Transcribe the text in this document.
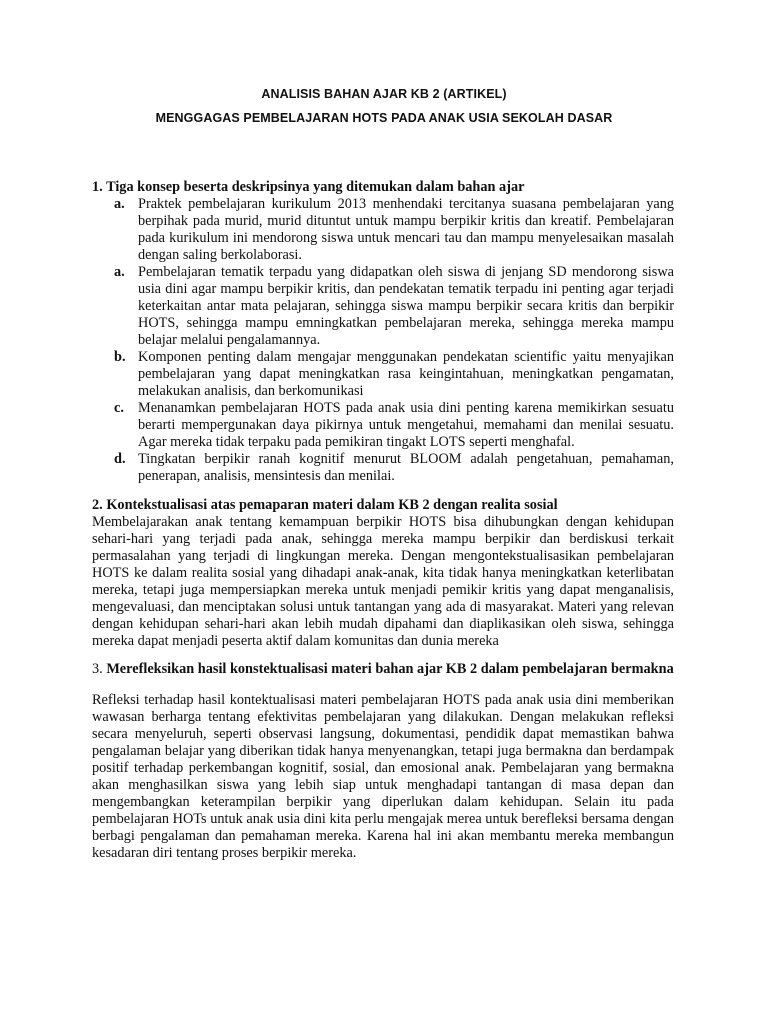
ANALISIS BAHAN AJAR KB 2 (ARTIKEL)

MENGGAGAS PEMBELAJARAN HOTS PADA ANAK USIA SEKOLAH DASAR

1. Tiga konsep beserta deskripsinya yang ditemukan dalam bahan ajar

a. Praktek pembelajaran kurikulum 2013 menhendaki tercitanya suasana pembelajaran yang berpihak pada murid, murid dituntut untuk mampu berpikir kritis dan kreatif. Pembelajaran pada kurikulum ini mendorong siswa untuk mencari tau dan mampu menyelesaikan masalah dengan saling berkolaborasi.
a. Pembelajaran tematik terpadu yang didapatkan oleh siswa di jenjang SD mendorong siswa usia dini agar mampu berpikir kritis, dan pendekatan tematik terpadu ini penting agar terjadi keterkaitan antar mata pelajaran, sehingga siswa mampu berpikir secara kritis dan berpikir HOTS, sehingga mampu emningkatkan pembelajaran mereka, sehingga mereka mampu belajar melalui pengalamannya.
b. Komponen penting dalam mengajar menggunakan pendekatan scientific yaitu menyajikan pembelajaran yang dapat meningkatkan rasa keingintahuan, meningkatkan pengamatan, melakukan analisis, dan berkomunikasi
c. Menanamkan pembelajaran HOTS pada anak usia dini penting karena memikirkan sesuatu berarti mempergunakan daya pikirnya untuk mengetahui, memahami dan menilai sesuatu. Agar mereka tidak terpaku pada pemikiran tingakt LOTS seperti menghafal.
d. Tingkatan berpikir ranah kognitif menurut BLOOM adalah pengetahuan, pemahaman, penerapan, analisis, mensintesis dan menilai.

2. Kontekstualisasi atas pemaparan materi dalam KB 2 dengan realita sosial

Membelajarakan anak tentang kemampuan berpikir HOTS bisa dihubungkan dengan kehidupan sehari-hari yang terjadi pada anak, sehingga mereka mampu berpikir dan berdiskusi terkait permasalahan yang terjadi di lingkungan mereka. Dengan mengontekstualisasikan pembelajaran HOTS ke dalam realita sosial yang dihadapi anak-anak, kita tidak hanya meningkatkan keterlibatan mereka, tetapi juga mempersiapkan mereka untuk menjadi pemikir kritis yang dapat menganalisis, mengevaluasi, dan menciptakan solusi untuk tantangan yang ada di masyarakat. Materi yang relevan dengan kehidupan sehari-hari akan lebih mudah dipahami dan diaplikasikan oleh siswa, sehingga mereka dapat menjadi peserta aktif dalam komunitas dan dunia mereka

3. Merefleksikan hasil konstektualisasi materi bahan ajar KB 2 dalam pembelajaran bermakna

Refleksi terhadap hasil kontektualisasi materi pembelajaran HOTS pada anak usia dini memberikan wawasan berharga tentang efektivitas pembelajaran yang dilakukan. Dengan melakukan refleksi secara menyeluruh, seperti observasi langsung, dokumentasi, pendidik dapat memastikan bahwa pengalaman belajar yang diberikan tidak hanya menyenangkan, tetapi juga bermakna dan berdampak positif terhadap perkembangan kognitif, sosial, dan emosional anak. Pembelajaran yang bermakna akan menghasilkan siswa yang lebih siap untuk menghadapi tantangan di masa depan dan mengembangkan keterampilan berpikir yang diperlukan dalam kehidupan. Selain itu pada pembelajaran HOTs untuk anak usia dini kita perlu mengajak merea untuk berefleksi bersama dengan berbagi pengalaman dan pemahaman mereka. Karena hal ini akan membantu mereka membangun kesadaran diri tentang proses berpikir mereka.
